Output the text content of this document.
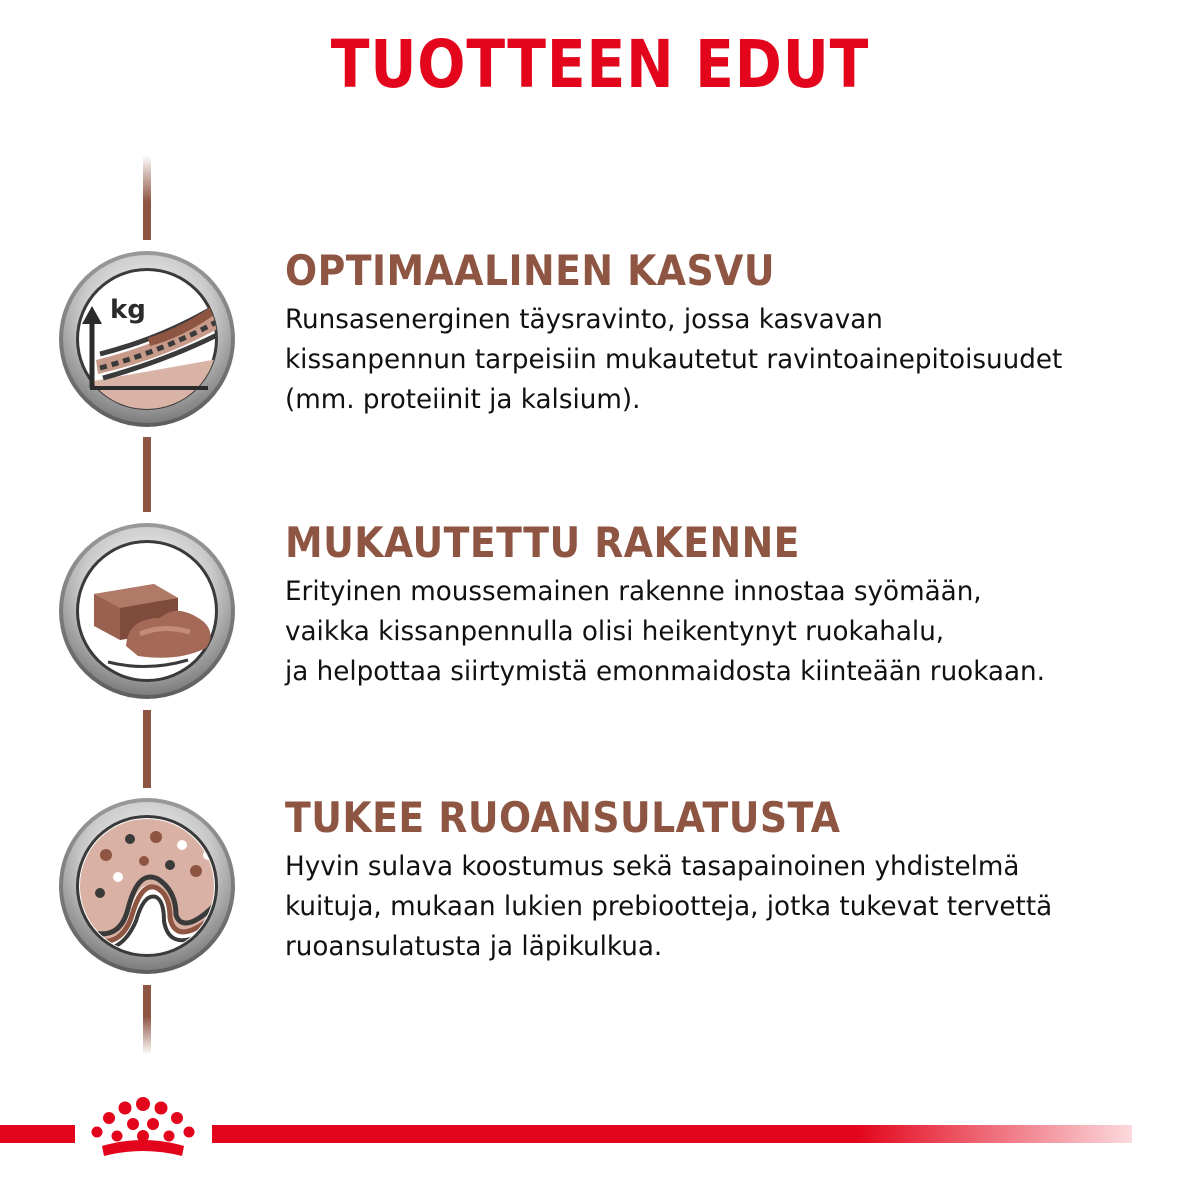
TUOTTEEN EDUT
kg
OPTIMAALINEN KASVU
Runsasenerginen täysravinto, jossa kasvavan
kissanpennun tarpeisiin mukautetut ravintoainepitoisuudet
(mm. proteiinit ja kalsium).
MUKAUTETTU RAKENNE
Erityinen moussemainen rakenne innostaa syömään,
vaikka kissanpennulla olisi heikentynyt ruokahalu,
ja helpottaa siirtymistä emonmaidosta kiinteään ruokaan.
TUKEE RUOANSULATUSTA
Hyvin sulava koostumus sekä tasapainoinen yhdistelmä
kuituja, mukaan lukien prebiootteja, jotka tukevat tervettä
ruoansulatusta ja läpikulkua.
